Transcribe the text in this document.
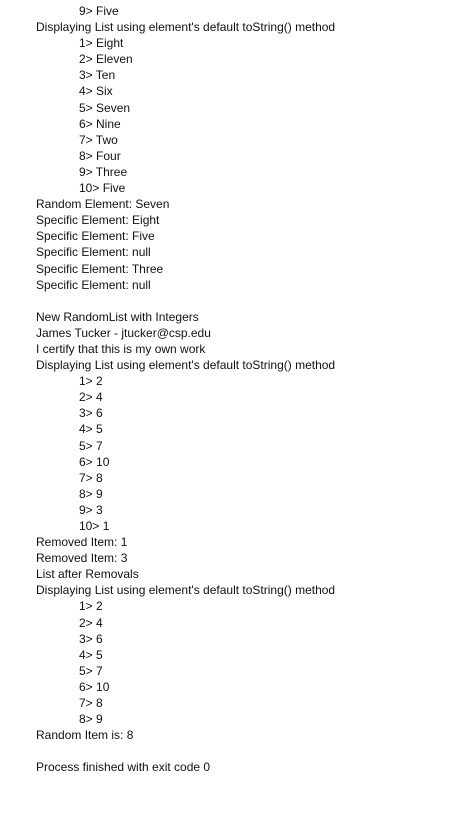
9> Five
Displaying List using element's default toString() method
1> Eight
2> Eleven
3> Ten
4> Six
5> Seven
6> Nine
7> Two
8> Four
9> Three
10> Five
Random Element: Seven
Specific Element: Eight
Specific Element: Five
Specific Element: null
Specific Element: Three
Specific Element: null
New RandomList with Integers
James Tucker - jtucker@csp.edu
I certify that this is my own work
Displaying List using element's default toString() method
1> 2
2> 4
3> 6
4> 5
5> 7
6> 10
7> 8
8> 9
9> 3
10> 1
Removed Item: 1
Removed Item: 3
List after Removals
Displaying List using element's default toString() method
1> 2
2> 4
3> 6
4> 5
5> 7
6> 10
7> 8
8> 9
Random Item is: 8
Process finished with exit code 0
